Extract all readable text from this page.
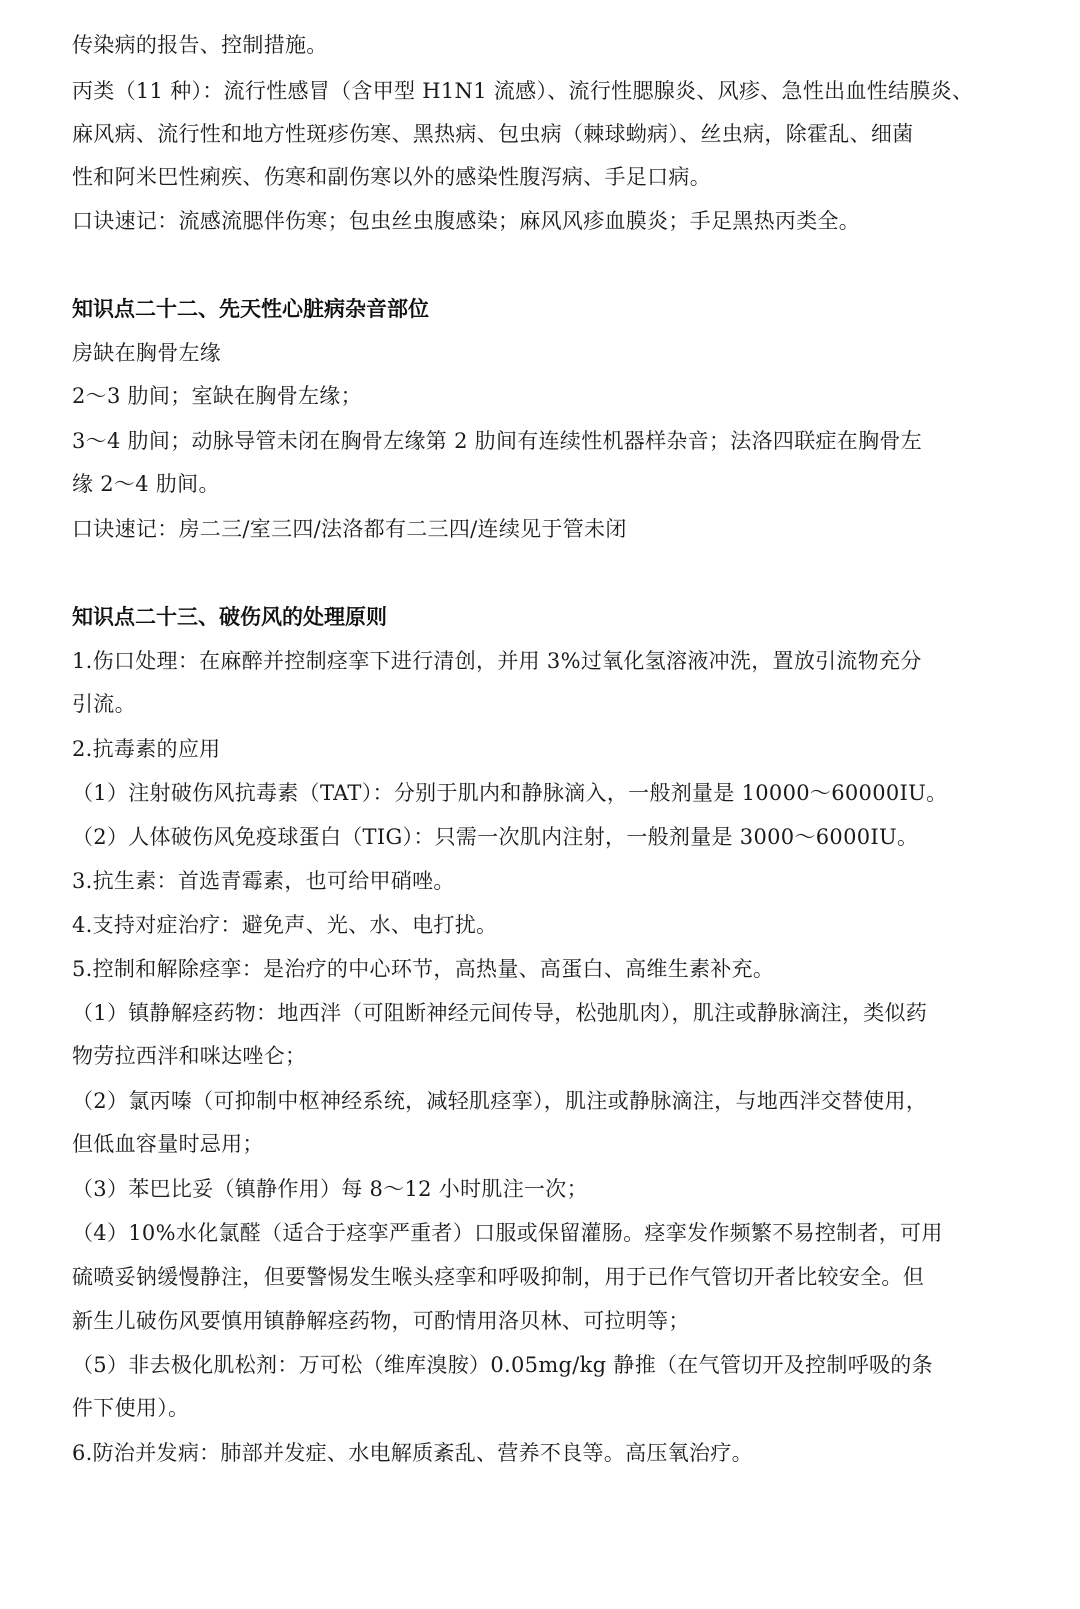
传染病的报告、控制措施。
丙类（11 种）：流行性感冒（含甲型 H1N1 流感）、流行性腮腺炎、风疹、急性出血性结膜炎、
麻风病、流行性和地方性斑疹伤寒、黑热病、包虫病（棘球蚴病）、丝虫病，除霍乱、细菌
性和阿米巴性痢疾、伤寒和副伤寒以外的感染性腹泻病、手足口病。
口诀速记：流感流腮伴伤寒；包虫丝虫腹感染；麻风风疹血膜炎；手足黑热丙类全。
知识点二十二、先天性心脏病杂音部位
房缺在胸骨左缘
2～3 肋间；室缺在胸骨左缘；
3～4 肋间；动脉导管未闭在胸骨左缘第 2 肋间有连续性机器样杂音；法洛四联症在胸骨左
缘 2～4 肋间。
口诀速记：房二三/室三四/法洛都有二三四/连续见于管未闭
知识点二十三、破伤风的处理原则
1.伤口处理：在麻醉并控制痉挛下进行清创，并用 3%过氧化氢溶液冲洗，置放引流物充分
引流。
2.抗毒素的应用
（1）注射破伤风抗毒素（TAT）：分别于肌内和静脉滴入，一般剂量是 10000～60000IU。
（2）人体破伤风免疫球蛋白（TIG）：只需一次肌内注射，一般剂量是 3000～6000IU。
3.抗生素：首选青霉素，也可给甲硝唑。
4.支持对症治疗：避免声、光、水、电打扰。
5.控制和解除痉挛：是治疗的中心环节，高热量、高蛋白、高维生素补充。
（1）镇静解痉药物：地西泮（可阻断神经元间传导，松弛肌肉），肌注或静脉滴注，类似药
物劳拉西泮和咪达唑仑；
（2）氯丙嗪（可抑制中枢神经系统，减轻肌痉挛），肌注或静脉滴注，与地西泮交替使用，
但低血容量时忌用；
（3）苯巴比妥（镇静作用）每 8～12 小时肌注一次；
（4）10%水化氯醛（适合于痉挛严重者）口服或保留灌肠。痉挛发作频繁不易控制者，可用
硫喷妥钠缓慢静注，但要警惕发生喉头痉挛和呼吸抑制，用于已作气管切开者比较安全。但
新生儿破伤风要慎用镇静解痉药物，可酌情用洛贝林、可拉明等；
（5）非去极化肌松剂：万可松（维库溴胺）0.05mg/kg 静推（在气管切开及控制呼吸的条
件下使用）。
6.防治并发病：肺部并发症、水电解质紊乱、营养不良等。高压氧治疗。
